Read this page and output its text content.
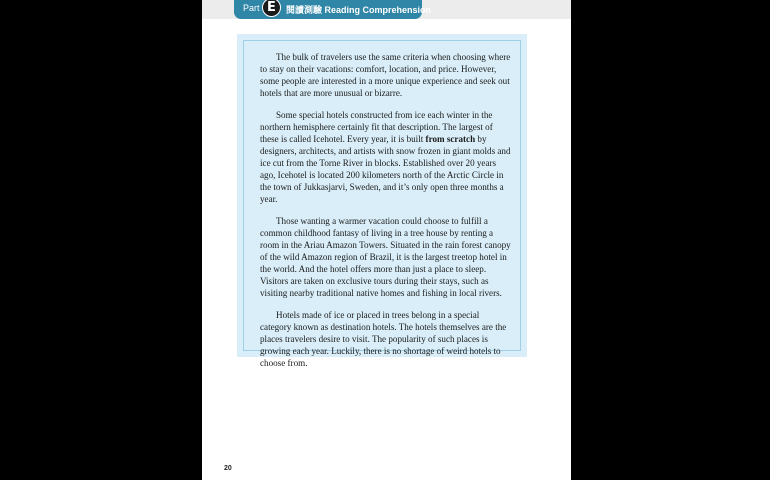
Part E	閱讀測驗 Reading Comprehension

The bulk of travelers use the same criteria when choosing where to stay on their vacations: comfort, location, and price. However, some people are interested in a more unique experience and seek out hotels that are more unusual or bizarre.

Some special hotels constructed from ice each winter in the northern hemisphere certainly fit that description. The largest of these is called Icehotel. Every year, it is built from scratch by designers, architects, and artists with snow frozen in giant molds and ice cut from the Torne River in blocks. Established over 20 years ago, Icehotel is located 200 kilometers north of the Arctic Circle in the town of Jukkasjarvi, Sweden, and it’s only open three months a year.

Those wanting a warmer vacation could choose to fulfill a common childhood fantasy of living in a tree house by renting a room in the Ariau Amazon Towers. Situated in the rain forest canopy of the wild Amazon region of Brazil, it is the largest treetop hotel in the world. And the hotel offers more than just a place to sleep. Visitors are taken on exclusive tours during their stays, such as visiting nearby traditional native homes and fishing in local rivers.

Hotels made of ice or placed in trees belong in a special category known as destination hotels. The hotels themselves are the places travelers desire to visit. The popularity of such places is growing each year. Luckily, there is no shortage of weird hotels to choose from.

20
